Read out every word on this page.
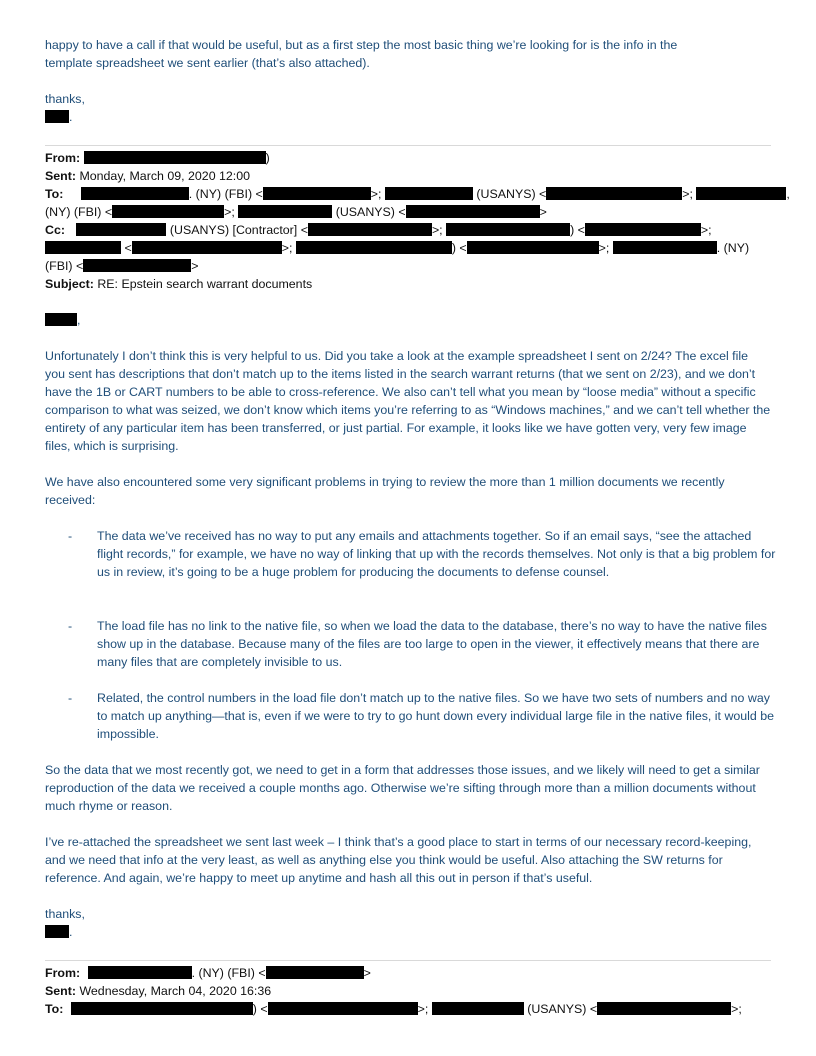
happy to have a call if that would be useful, but as a first step the most basic thing we’re looking for is the info in the
template spreadsheet we sent earlier (that’s also attached).
thanks,
.
From:	)
Sent: Monday, March 09, 2020 12:00
To:	. (NY) (FBI) <	>;	(USANYS) <	>;	,
(NY) (FBI) <	>;	(USANYS) <	>
Cc:	(USANYS) [Contractor] <	>;	) <	>;
<	>;	) <	>;	. (NY)
(FBI) <	>
Subject: RE: Epstein search warrant documents
,
Unfortunately I don’t think this is very helpful to us. Did you take a look at the example spreadsheet I sent on 2/24? The excel file you sent has descriptions that don’t match up to the items listed in the search warrant returns (that we sent on 2/23), and we don’t have the 1B or CART numbers to be able to cross-reference. We also can’t tell what you mean by “loose media” without a specific comparison to what was seized, we don’t know which items you’re referring to as “Windows machines,” and we can’t tell whether the entirety of any particular item has been transferred, or just partial. For example, it looks like we have gotten very, very few image files, which is surprising.
We have also encountered some very significant problems in trying to review the more than 1 million documents we recently received:
-	The data we’ve received has no way to put any emails and attachments together. So if an email says, “see the attached flight records,” for example, we have no way of linking that up with the records themselves. Not only is that a big problem for us in review, it’s going to be a huge problem for producing the documents to defense counsel.
-	The load file has no link to the native file, so when we load the data to the database, there’s no way to have the native files show up in the database. Because many of the files are too large to open in the viewer, it effectively means that there are many files that are completely invisible to us.
-	Related, the control numbers in the load file don’t match up to the native files. So we have two sets of numbers and no way to match up anything—that is, even if we were to try to go hunt down every individual large file in the native files, it would be impossible.
So the data that we most recently got, we need to get in a form that addresses those issues, and we likely will need to get a similar reproduction of the data we received a couple months ago. Otherwise we’re sifting through more than a million documents without much rhyme or reason.
I’ve re-attached the spreadsheet we sent last week – I think that’s a good place to start in terms of our necessary record-keeping, and we need that info at the very least, as well as anything else you think would be useful. Also attaching the SW returns for reference. And again, we’re happy to meet up anytime and hash all this out in person if that’s useful.
thanks,
.
From:	. (NY) (FBI) <	>
Sent: Wednesday, March 04, 2020 16:36
To:	) <	>;	(USANYS) <	>;
